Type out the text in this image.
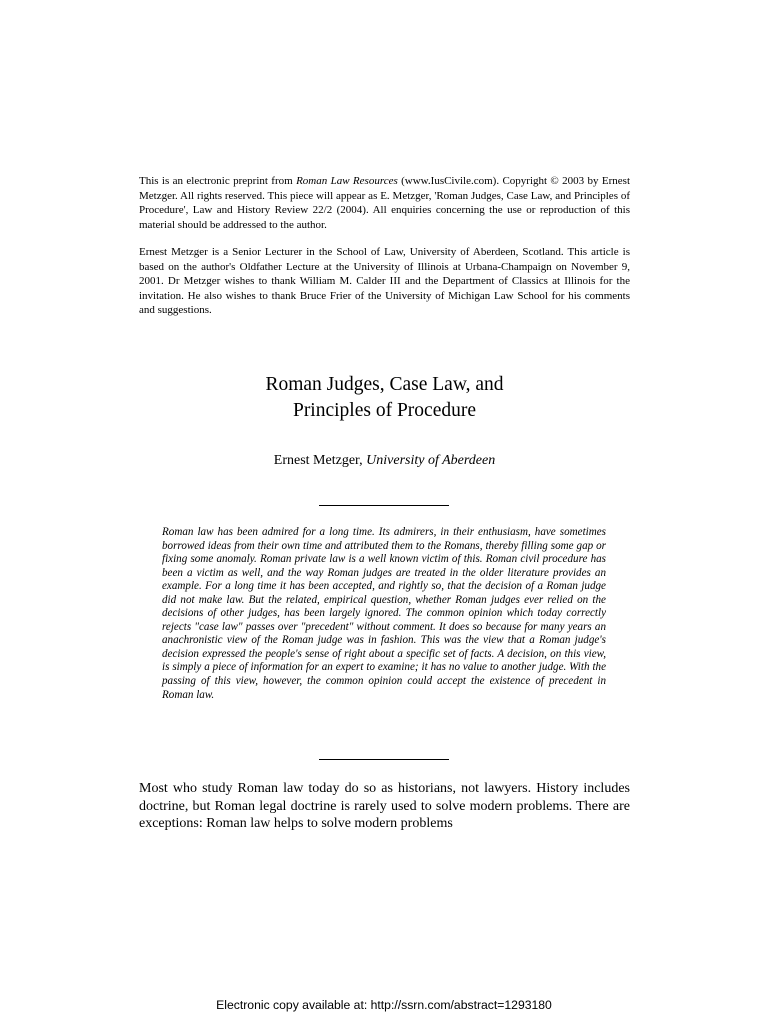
This is an electronic preprint from Roman Law Resources (www.IusCivile.com). Copyright © 2003 by Ernest Metzger. All rights reserved. This piece will appear as E. Metzger, 'Roman Judges, Case Law, and Principles of Procedure', Law and History Review 22/2 (2004). All enquiries concerning the use or reproduction of this material should be addressed to the author.

Ernest Metzger is a Senior Lecturer in the School of Law, University of Aberdeen, Scotland. This article is based on the author's Oldfather Lecture at the University of Illinois at Urbana-Champaign on November 9, 2001. Dr Metzger wishes to thank William M. Calder III and the Department of Classics at Illinois for the invitation. He also wishes to thank Bruce Frier of the University of Michigan Law School for his comments and suggestions.

Roman Judges, Case Law, and
Principles of Procedure
Ernest Metzger, University of Aberdeen

Roman law has been admired for a long time. Its admirers, in their enthusiasm, have sometimes borrowed ideas from their own time and attributed them to the Romans, thereby filling some gap or fixing some anomaly. Roman private law is a well known victim of this. Roman civil procedure has been a victim as well, and the way Roman judges are treated in the older literature provides an example. For a long time it has been accepted, and rightly so, that the decision of a Roman judge did not make law. But the related, empirical question, whether Roman judges ever relied on the decisions of other judges, has been largely ignored. The common opinion which today correctly rejects "case law" passes over "precedent" without comment. It does so because for many years an anachronistic view of the Roman judge was in fashion. This was the view that a Roman judge's decision expressed the people's sense of right about a specific set of facts. A decision, on this view, is simply a piece of information for an expert to examine; it has no value to another judge. With the passing of this view, however, the common opinion could accept the existence of precedent in Roman law.

Most who study Roman law today do so as historians, not lawyers. History includes doctrine, but Roman legal doctrine is rarely used to solve modern problems. There are exceptions: Roman law helps to solve modern problems

Electronic copy available at: http://ssrn.com/abstract=1293180
